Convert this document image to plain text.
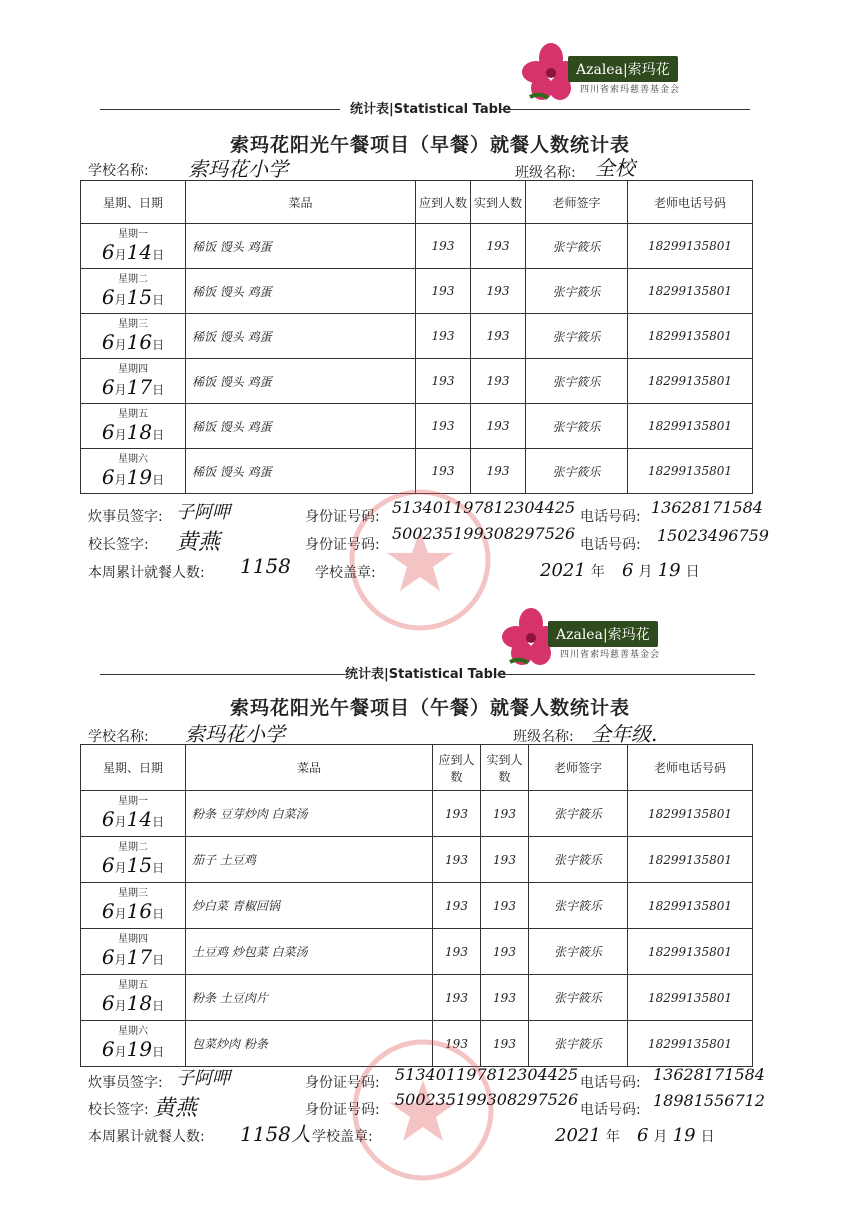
Azalea|索玛花
四川省索玛慈善基金会
统计表|Statistical Table
索玛花阳光午餐项目（早餐）就餐人数统计表
学校名称: 索玛花小学	班级名称: 全校
星期、日期	菜品	应到人数	实到人数	老师签字	老师电话号码

星期一
6月14日	稀饭 馒头 鸡蛋	193	193	张宇筱乐	18299135801

星期二
6月15日	稀饭 馒头 鸡蛋	193	193	张宇筱乐	18299135801

星期三
6月16日	稀饭 馒头 鸡蛋	193	193	张宇筱乐	18299135801

星期四
6月17日	稀饭 馒头 鸡蛋	193	193	张宇筱乐	18299135801

星期五
6月18日	稀饭 馒头 鸡蛋	193	193	张宇筱乐	18299135801

星期六
6月19日	稀饭 馒头 鸡蛋	193	193	张宇筱乐	18299135801
炊事员签字: 子阿呷	身份证号码: 513401197812304425 电话号码: 13628171584
校长签字: 黄燕	身份证号码:
500235199308297526
电话号码: 15023496759
本周累计就餐人数: 1158 学校盖章:	2021 年 6 月 19 日
Azalea|索玛花
四川省索玛慈善基金会
统计表|Statistical Table
索玛花阳光午餐项目（午餐）就餐人数统计表
学校名称: 索玛花小学	班级名称: 全年级.
星期、日期	菜品	应到人数	实到人数	老师签字	老师电话号码

星期一
6月14日	粉条 豆芽炒肉 白菜汤	193	193	张宇筱乐	18299135801

星期二
6月15日	茄子 土豆鸡	193	193	张宇筱乐	18299135801

星期三
6月16日	炒白菜 青椒回锅	193	193	张宇筱乐	18299135801

星期四
6月17日	土豆鸡 炒包菜 白菜汤	193	193	张宇筱乐	18299135801

星期五
6月18日	粉条 土豆肉片	193	193	张宇筱乐	18299135801

星期六
6月19日	包菜炒肉 粉条	193	193	张宇筱乐	18299135801
炊事员签字: 子阿呷	身份证号码: 513401197812304425 电话号码: 13628171584
校长签字: 黄燕	身份证号码:
500235199308297526
电话号码: 18981556712
本周累计就餐人数: 1158人 学校盖章:	2021 年 6 月 19 日
